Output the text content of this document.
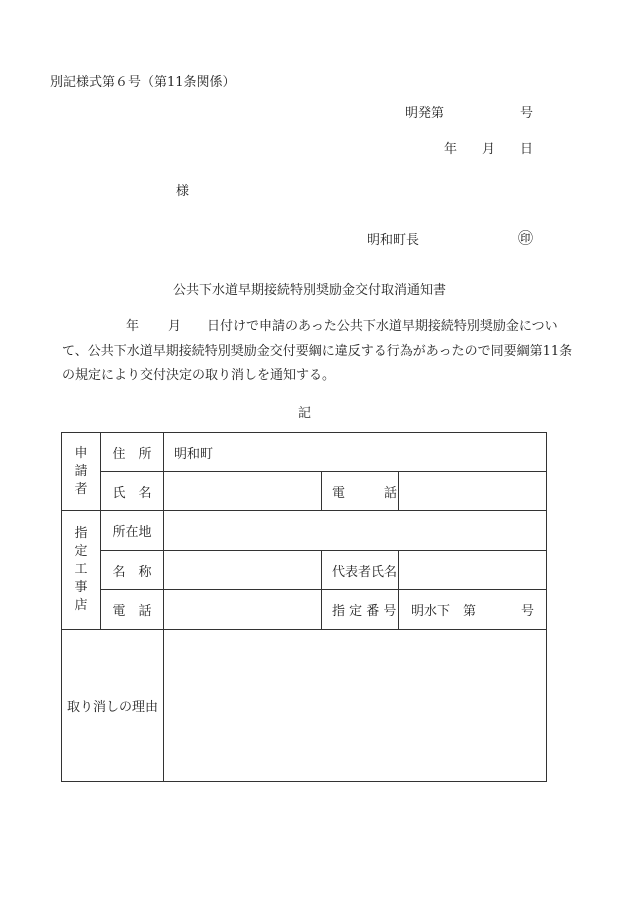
別記様式第６号（第11条関係）
明発 第	号
年 月 日
様
明和町長	㊞
公共下水道早期接続特別奨励金交付取消通知書
年 月 日付けで申請のあった公共下水道早期接続特別奨励金につい
て、公共下水道早期接続特別奨励金交付要綱に違反する行為があったので同要綱第11条
の規定により交付決定の取り消しを通知する。
記
申
請
者	住　所	明和町		
	氏　名		電　　　話	

指
定
工
事
店	所在地			
	名　称		代表者氏名	
	電　話		指 定 番 号	明水下　第 号

取り消しの理由				
